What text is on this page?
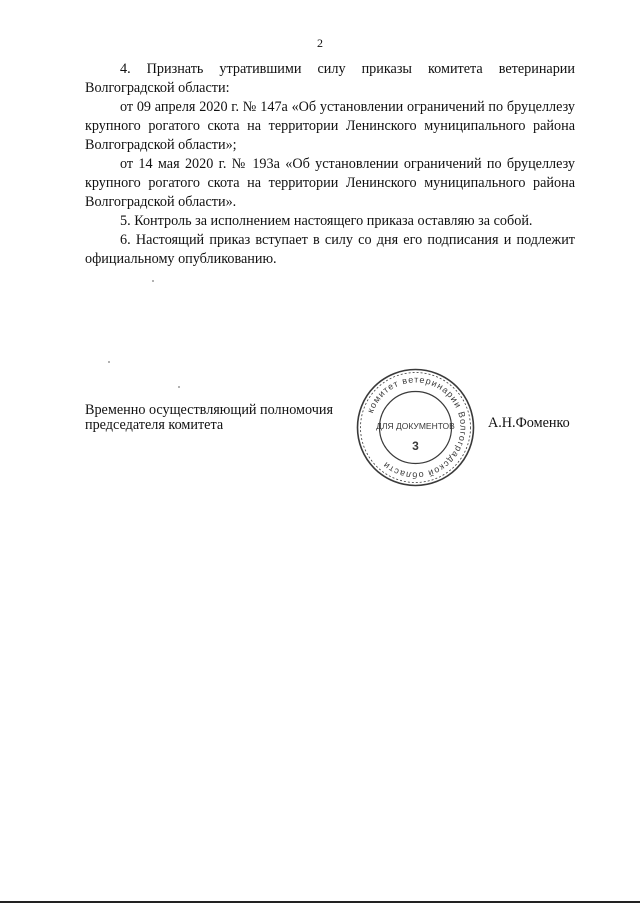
2

4. Признать утратившими силу приказы комитета ветеринарии Волгоградской области:

от 09 апреля 2020 г. № 147а «Об установлении ограничений по бруцеллезу крупного рогатого скота на территории Ленинского муниципального района Волгоградской области»;

от 14 мая 2020 г. № 193а «Об установлении ограничений по бруцеллезу крупного рогатого скота на территории Ленинского муниципального района Волгоградской области».

5. Контроль за исполнением настоящего приказа оставляю за собой.

6. Настоящий приказ вступает в силу со дня его подписания и подлежит официальному опубликованию.

Временно осуществляющий полномочия
председателя комитета
комитет ветеринарии Волгоградской области
ДЛЯ ДОКУМЕНТОВ
3
А.Н.Фоменко
